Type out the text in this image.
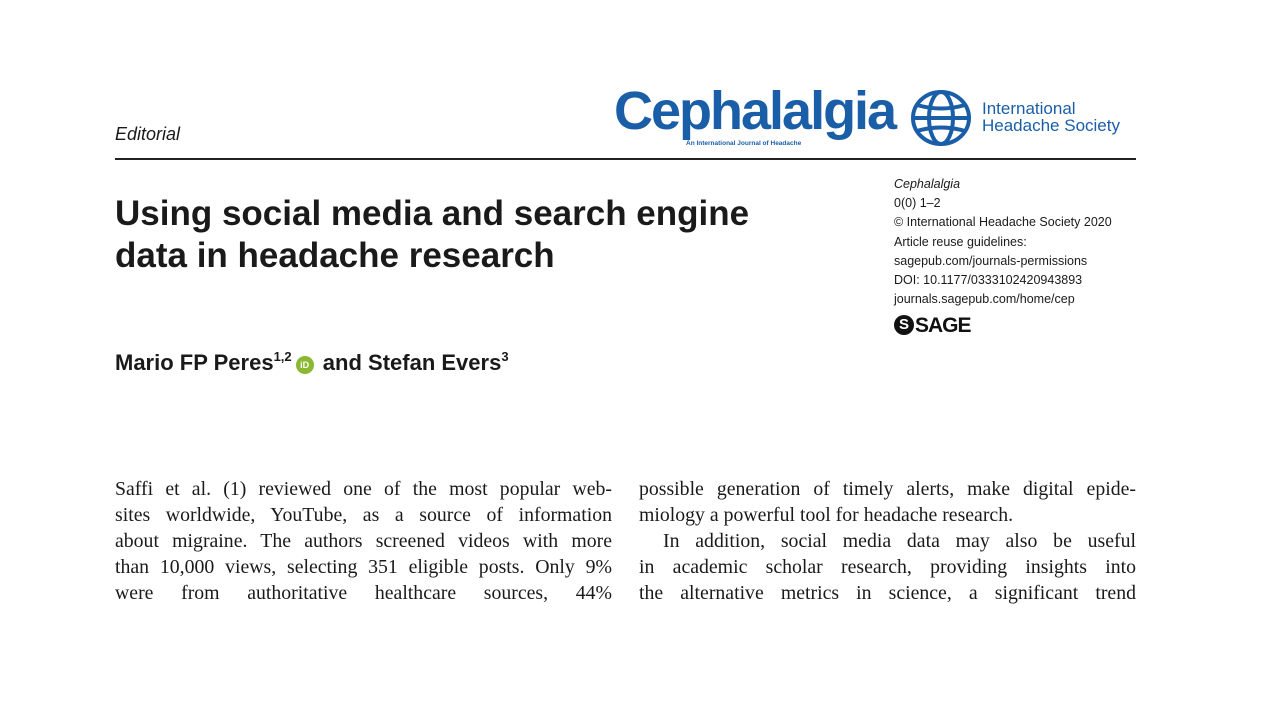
Editorial	Cephalalgia
An International Journal of Headache
International
Headache Society
Using social media and search engine data in headache research
Mario FP Peres$^{1,2}$iD and Stefan Evers$^3$
Cephalalgia
0(0) 1–2
© International Headache Society 2020
Article reuse guidelines:
sagepub.com/journals-permissions
DOI: 10.1177/0333102420943893
journals.sagepub.com/home/cep
S SAGE
Saffi et al. (1) reviewed one of the most popular web-
sites worldwide, YouTube, as a source of information
about migraine. The authors screened videos with more
than 10,000 views, selecting 351 eligible posts. Only 9%
were from authoritative healthcare sources, 44%
possible generation of timely alerts, make digital epide-
miology a powerful tool for headache research.
In addition, social media data may also be useful
in academic scholar research, providing insights into
the alternative metrics in science, a significant trend
